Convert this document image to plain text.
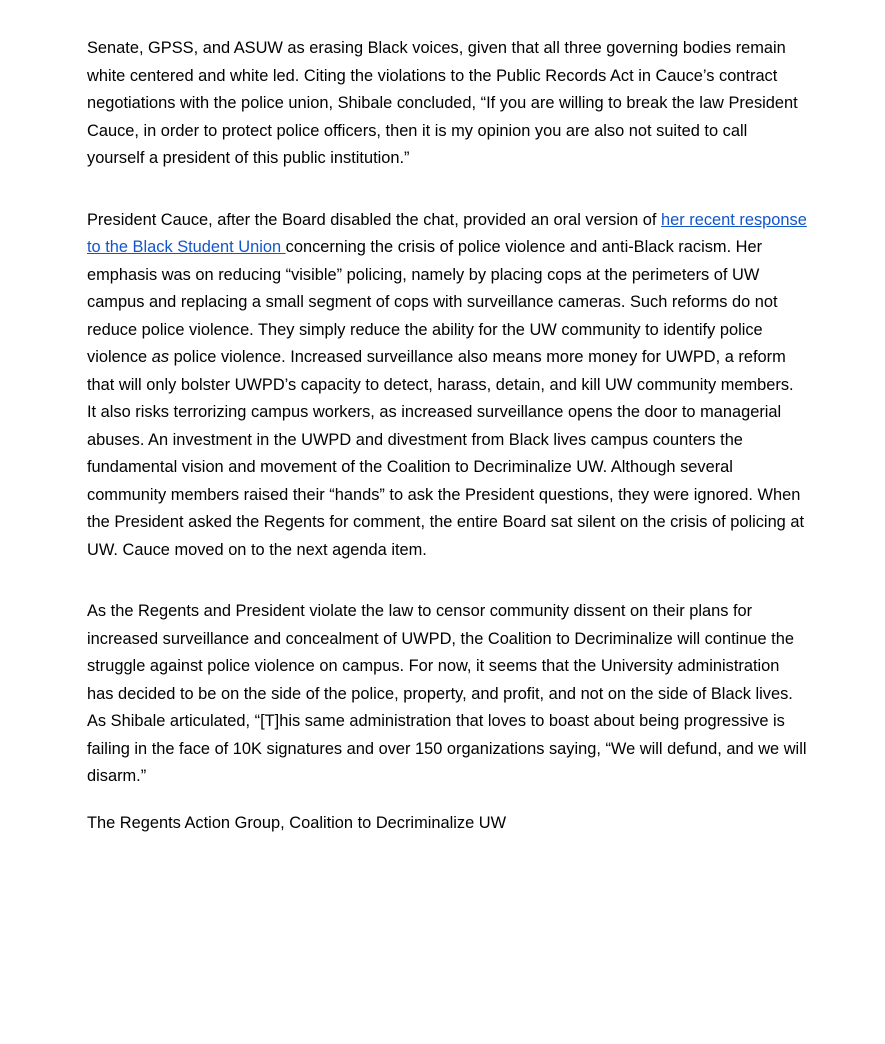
Senate, GPSS, and ASUW as erasing Black voices, given that all three governing bodies remain white centered and white led. Citing the violations to the Public Records Act in Cauce’s contract negotiations with the police union, Shibale concluded, “If you are willing to break the law President Cauce, in order to protect police officers, then it is my opinion you are also not suited to call yourself a president of this public institution.”

President Cauce, after the Board disabled the chat, provided an oral version of her recent response to the Black Student Union concerning the crisis of police violence and anti-Black racism. Her emphasis was on reducing “visible” policing, namely by placing cops at the perimeters of UW campus and replacing a small segment of cops with surveillance cameras. Such reforms do not reduce police violence. They simply reduce the ability for the UW community to identify police violence as police violence. Increased surveillance also means more money for UWPD, a reform that will only bolster UWPD’s capacity to detect, harass, detain, and kill UW community members. It also risks terrorizing campus workers, as increased surveillance opens the door to managerial abuses. An investment in the UWPD and divestment from Black lives campus counters the fundamental vision and movement of the Coalition to Decriminalize UW. Although several community members raised their “hands” to ask the President questions, they were ignored. When the President asked the Regents for comment, the entire Board sat silent on the crisis of policing at UW. Cauce moved on to the next agenda item.

As the Regents and President violate the law to censor community dissent on their plans for increased surveillance and concealment of UWPD, the Coalition to Decriminalize will continue the struggle against police violence on campus. For now, it seems that the University administration has decided to be on the side of the police, property, and profit, and not on the side of Black lives. As Shibale articulated, “[T]his same administration that loves to boast about being progressive is failing in the face of 10K signatures and over 150 organizations saying, “We will defund, and we will disarm.”

The Regents Action Group, Coalition to Decriminalize UW
